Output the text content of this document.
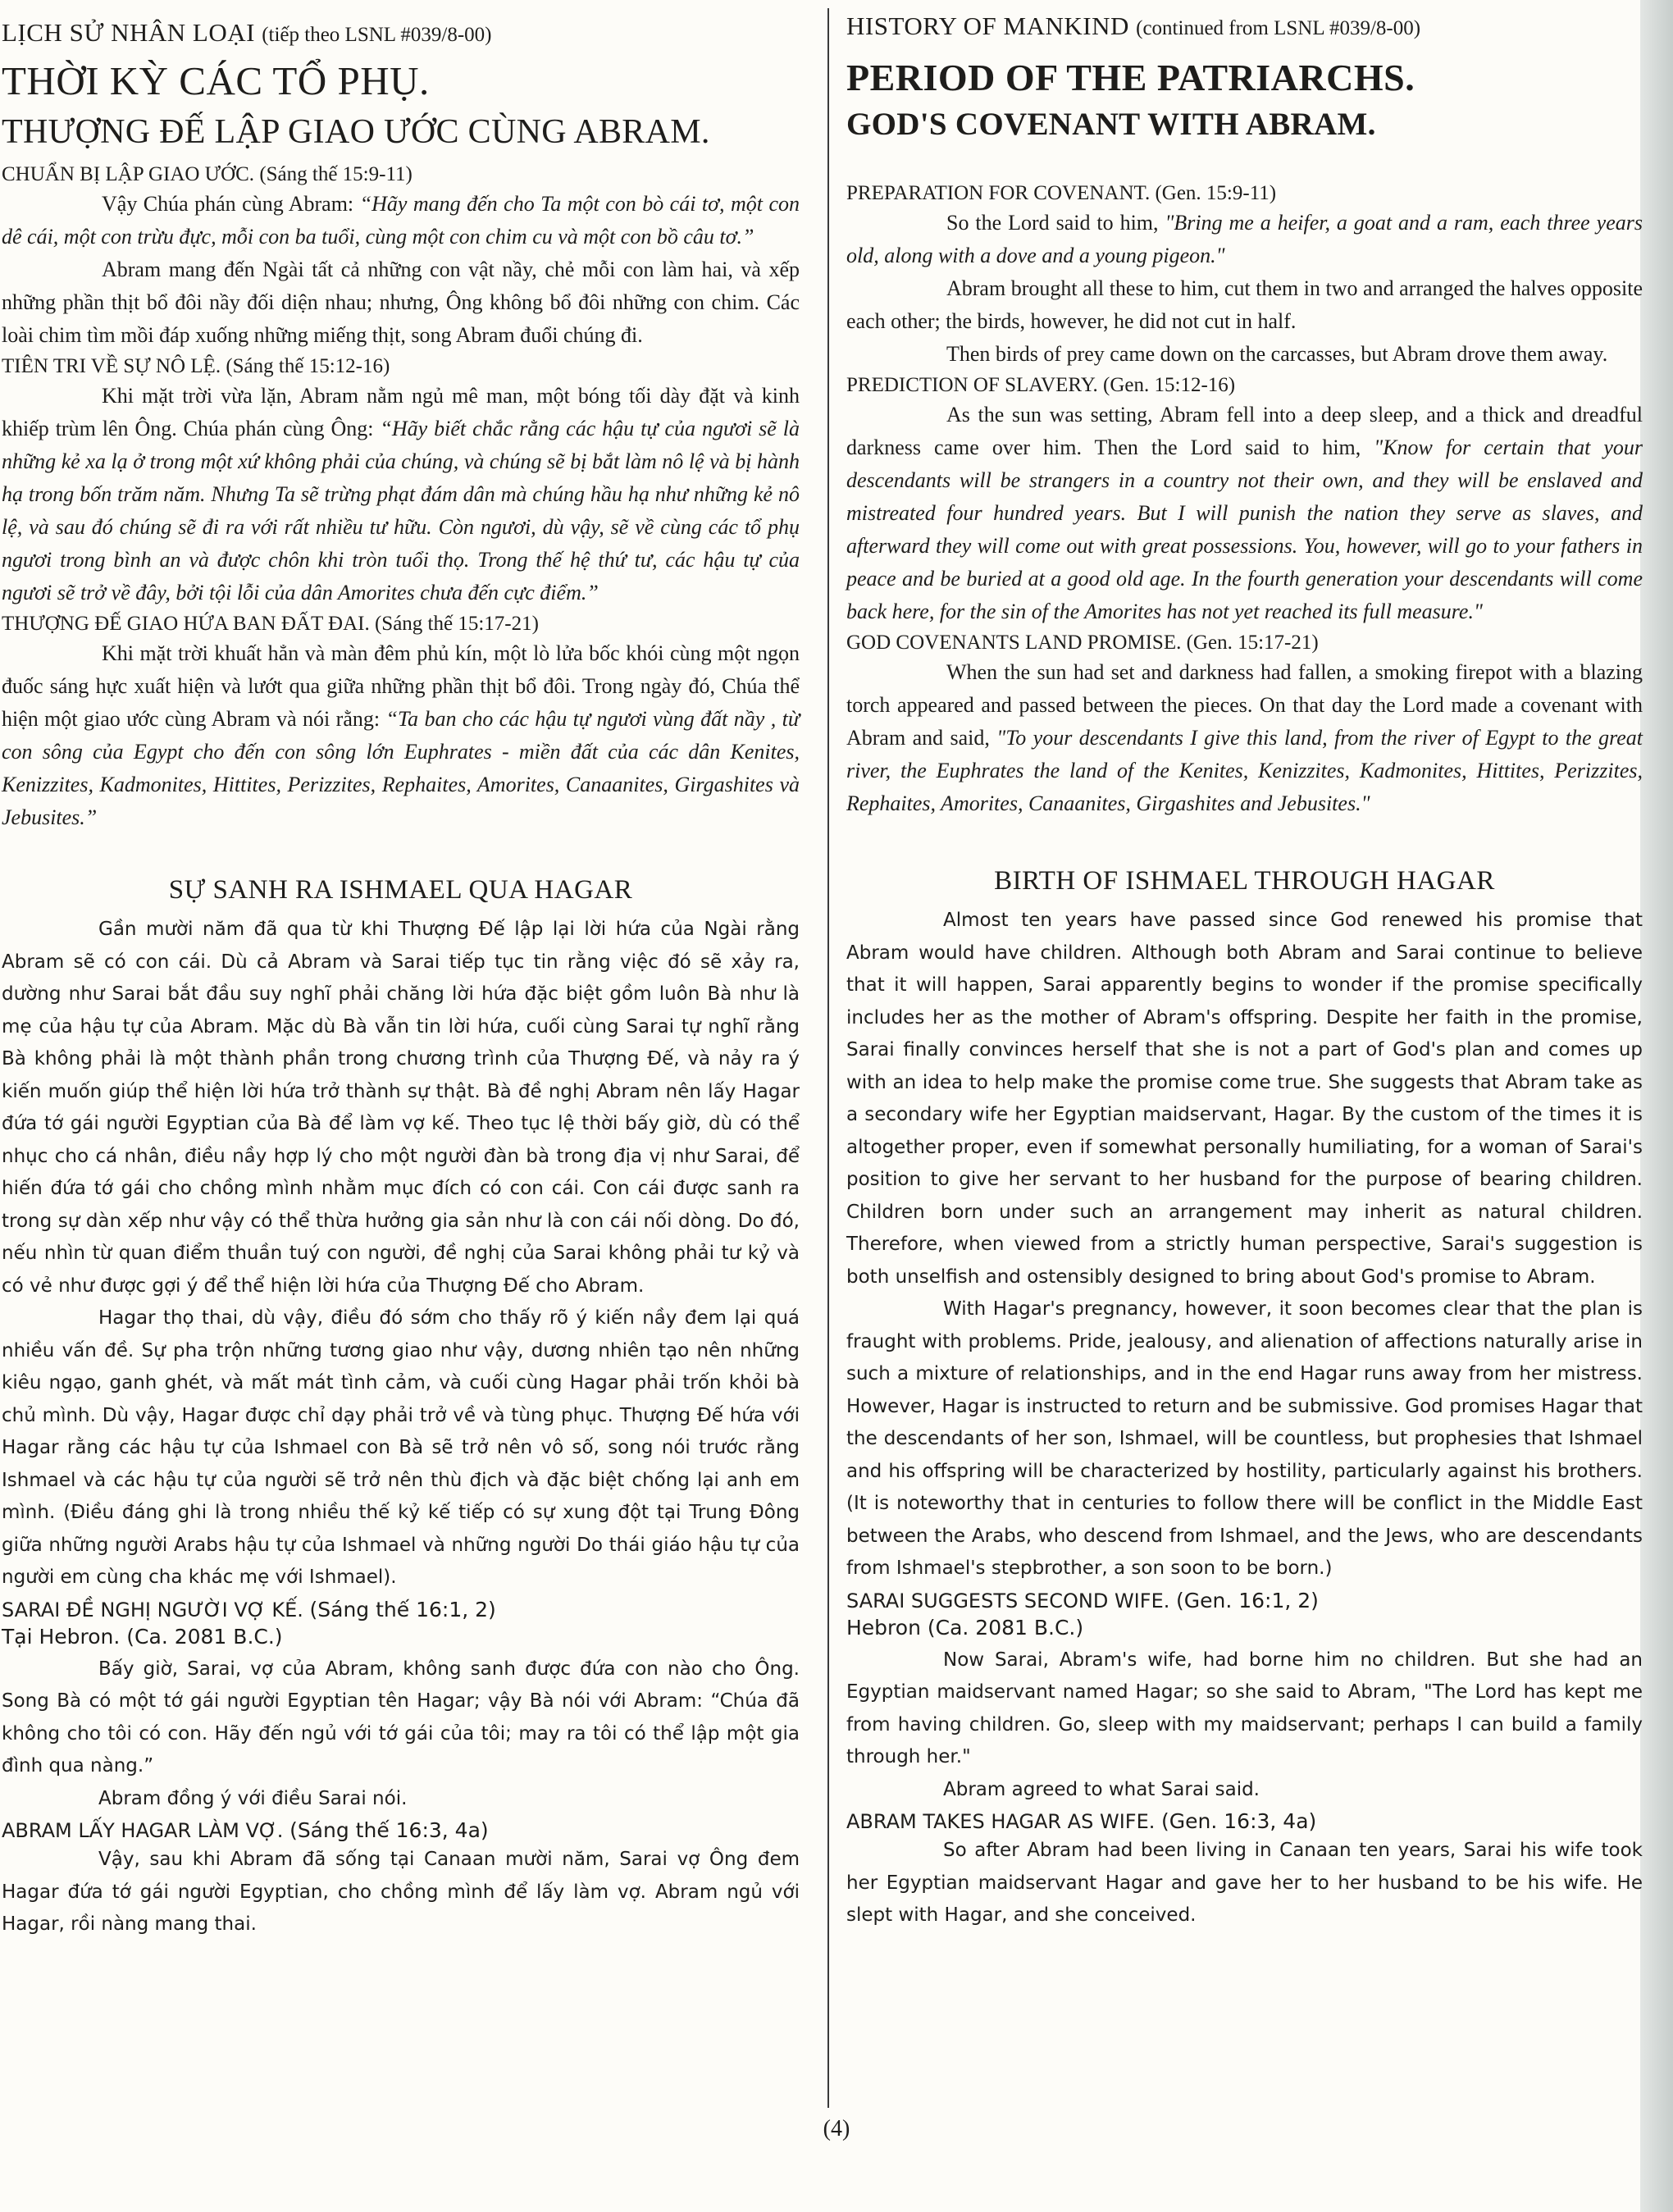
LỊCH SỬ NHÂN LOẠI (tiếp theo LSNL #039/8-00)
THỜI KỲ CÁC TỔ PHỤ.
THƯỢNG ĐẾ LẬP GIAO ƯỚC CÙNG ABRAM.
CHUẨN BỊ LẬP GIAO ƯỚC. (Sáng thế 15:9-11)

Vậy Chúa phán cùng Abram: “Hãy mang đến cho Ta một con bò cái tơ, một con dê cái, một con trừu đực, mỗi con ba tuổi, cùng một con chim cu và một con bồ câu tơ.”

Abram mang đến Ngài tất cả những con vật nầy, chẻ mỗi con làm hai, và xếp những phần thịt bổ đôi nầy đối diện nhau; nhưng, Ông không bổ đôi những con chim. Các loài chim tìm mồi đáp xuống những miếng thịt, song Abram đuổi chúng đi.

TIÊN TRI VỀ SỰ NÔ LỆ. (Sáng thế 15:12-16)

Khi mặt trời vừa lặn, Abram nằm ngủ mê man, một bóng tối dày đặt và kinh khiếp trùm lên Ông. Chúa phán cùng Ông: “Hãy biết chắc rằng các hậu tự của ngươi sẽ là những kẻ xa lạ ở trong một xứ không phải của chúng, và chúng sẽ bị bắt làm nô lệ và bị hành hạ trong bốn trăm năm. Nhưng Ta sẽ trừng phạt đám dân mà chúng hầu hạ như những kẻ nô lệ, và sau đó chúng sẽ đi ra với rất nhiều tư hữu. Còn ngươi, dù vậy, sẽ về cùng các tổ phụ ngươi trong bình an và được chôn khi tròn tuổi thọ. Trong thế hệ thứ tư, các hậu tự của ngươi sẽ trở về đây, bởi tội lỗi của dân Amorites chưa đến cực điểm.”

THƯỢNG ĐẾ GIAO HỨA BAN ĐẤT ĐAI. (Sáng thế 15:17-21)

Khi mặt trời khuất hẳn và màn đêm phủ kín, một lò lửa bốc khói cùng một ngọn đuốc sáng hực xuất hiện và lướt qua giữa những phần thịt bổ đôi. Trong ngày đó, Chúa thể hiện một giao ước cùng Abram và nói rằng: “Ta ban cho các hậu tự ngươi vùng đất nầy , từ con sông của Egypt cho đến con sông lớn Euphrates - miền đất của các dân Kenites, Kenizzites, Kadmonites, Hittites, Perizzites, Rephaites, Amorites, Canaanites, Girgashites và Jebusites.”

SỰ SANH RA ISHMAEL QUA HAGAR

Gần mười năm đã qua từ khi Thượng Đế lập lại lời hứa của Ngài rằng Abram sẽ có con cái. Dù cả Abram và Sarai tiếp tục tin rằng việc đó sẽ xảy ra, dường như Sarai bắt đầu suy nghĩ phải chăng lời hứa đặc biệt gồm luôn Bà như là mẹ của hậu tự của Abram. Mặc dù Bà vẫn tin lời hứa, cuối cùng Sarai tự nghĩ rằng Bà không phải là một thành phần trong chương trình của Thượng Đế, và nảy ra ý kiến muốn giúp thể hiện lời hứa trở thành sự thật. Bà đề nghị Abram nên lấy Hagar đứa tớ gái người Egyptian của Bà để làm vợ kế. Theo tục lệ thời bấy giờ, dù có thể nhục cho cá nhân, điều nầy hợp lý cho một người đàn bà trong địa vị như Sarai, để hiến đứa tớ gái cho chồng mình nhằm mục đích có con cái. Con cái được sanh ra trong sự dàn xếp như vậy có thể thừa hưởng gia sản như là con cái nối dòng. Do đó, nếu nhìn từ quan điểm thuần tuý con người, đề nghị của Sarai không phải tư kỷ và có vẻ như được gợi ý để thể hiện lời hứa của Thượng Đế cho Abram.

Hagar thọ thai, dù vậy, điều đó sớm cho thấy rõ ý kiến nầy đem lại quá nhiều vấn đề. Sự pha trộn những tương giao như vậy, dương nhiên tạo nên những kiêu ngạo, ganh ghét, và mất mát tình cảm, và cuối cùng Hagar phải trốn khỏi bà chủ mình. Dù vậy, Hagar được chỉ dạy phải trở về và tùng phục. Thượng Đế hứa với Hagar rằng các hậu tự của Ishmael con Bà sẽ trở nên vô số, song nói trước rằng Ishmael và các hậu tự của người sẽ trở nên thù địch và đặc biệt chống lại anh em mình. (Điều đáng ghi là trong nhiều thế kỷ kế tiếp có sự xung đột tại Trung Đông giữa những người Arabs hậu tự của Ishmael và những người Do thái giáo hậu tự của người em cùng cha khác mẹ với Ishmael).

SARAI ĐỀ NGHỊ NGƯỜI VỢ KẾ. (Sáng thế 16:1, 2)
Tại Hebron. (Ca. 2081 B.C.)

Bấy giờ, Sarai, vợ của Abram, không sanh được đứa con nào cho Ông. Song Bà có một tớ gái người Egyptian tên Hagar; vậy Bà nói với Abram: “Chúa đã không cho tôi có con. Hãy đến ngủ với tớ gái của tôi; may ra tôi có thể lập một gia đình qua nàng.”

Abram đồng ý với điều Sarai nói.

ABRAM LẤY HAGAR LÀM VỢ. (Sáng thế 16:3, 4a)

Vậy, sau khi Abram đã sống tại Canaan mười năm, Sarai vợ Ông đem Hagar đứa tớ gái người Egyptian, cho chồng mình để lấy làm vợ. Abram ngủ với Hagar, rồi nàng mang thai.

HISTORY OF MANKIND (continued from LSNL #039/8-00)
PERIOD OF THE PATRIARCHS.
GOD'S COVENANT WITH ABRAM.
PREPARATION FOR COVENANT. (Gen. 15:9-11)

So the Lord said to him, "Bring me a heifer, a goat and a ram, each three years old, along with a dove and a young pigeon."

Abram brought all these to him, cut them in two and arranged the halves opposite each other; the birds, however, he did not cut in half.

Then birds of prey came down on the carcasses, but Abram drove them away.

PREDICTION OF SLAVERY. (Gen. 15:12-16)

As the sun was setting, Abram fell into a deep sleep, and a thick and dreadful darkness came over him. Then the Lord said to him, "Know for certain that your descendants will be strangers in a country not their own, and they will be enslaved and mistreated four hundred years. But I will punish the nation they serve as slaves, and afterward they will come out with great possessions. You, however, will go to your fathers in peace and be buried at a good old age. In the fourth generation your descendants will come back here, for the sin of the Amorites has not yet reached its full measure."

GOD COVENANTS LAND PROMISE. (Gen. 15:17-21)

When the sun had set and darkness had fallen, a smoking firepot with a blazing torch appeared and passed between the pieces. On that day the Lord made a covenant with Abram and said, "To your descendants I give this land, from the river of Egypt to the great river, the Euphrates the land of the Kenites, Kenizzites, Kadmonites, Hittites, Perizzites, Rephaites, Amorites, Canaanites, Girgashites and Jebusites."

BIRTH OF ISHMAEL THROUGH HAGAR

Almost ten years have passed since God renewed his promise that Abram would have children. Although both Abram and Sarai continue to believe that it will happen, Sarai apparently begins to wonder if the promise specifically includes her as the mother of Abram's offspring. Despite her faith in the promise, Sarai finally convinces herself that she is not a part of God's plan and comes up with an idea to help make the promise come true. She suggests that Abram take as a secondary wife her Egyptian maidservant, Hagar. By the custom of the times it is altogether proper, even if somewhat personally humiliating, for a woman of Sarai's position to give her servant to her husband for the purpose of bearing children. Children born under such an arrangement may inherit as natural children. Therefore, when viewed from a strictly human perspective, Sarai's suggestion is both unselfish and ostensibly designed to bring about God's promise to Abram.

With Hagar's pregnancy, however, it soon becomes clear that the plan is fraught with problems. Pride, jealousy, and alienation of affections naturally arise in such a mixture of relationships, and in the end Hagar runs away from her mistress. However, Hagar is instructed to return and be submissive. God promises Hagar that the descendants of her son, Ishmael, will be countless, but prophesies that Ishmael and his offspring will be characterized by hostility, particularly against his brothers. (It is noteworthy that in centuries to follow there will be conflict in the Middle East between the Arabs, who descend from Ishmael, and the Jews, who are descendants from Ishmael's stepbrother, a son soon to be born.)

SARAI SUGGESTS SECOND WIFE. (Gen. 16:1, 2)
Hebron (Ca. 2081 B.C.)

Now Sarai, Abram's wife, had borne him no children. But she had an Egyptian maidservant named Hagar; so she said to Abram, "The Lord has kept me from having children. Go, sleep with my maidservant; perhaps I can build a family through her."

Abram agreed to what Sarai said.

ABRAM TAKES HAGAR AS WIFE. (Gen. 16:3, 4a)

So after Abram had been living in Canaan ten years, Sarai his wife took her Egyptian maidservant Hagar and gave her to her husband to be his wife. He slept with Hagar, and she conceived.

(4)
